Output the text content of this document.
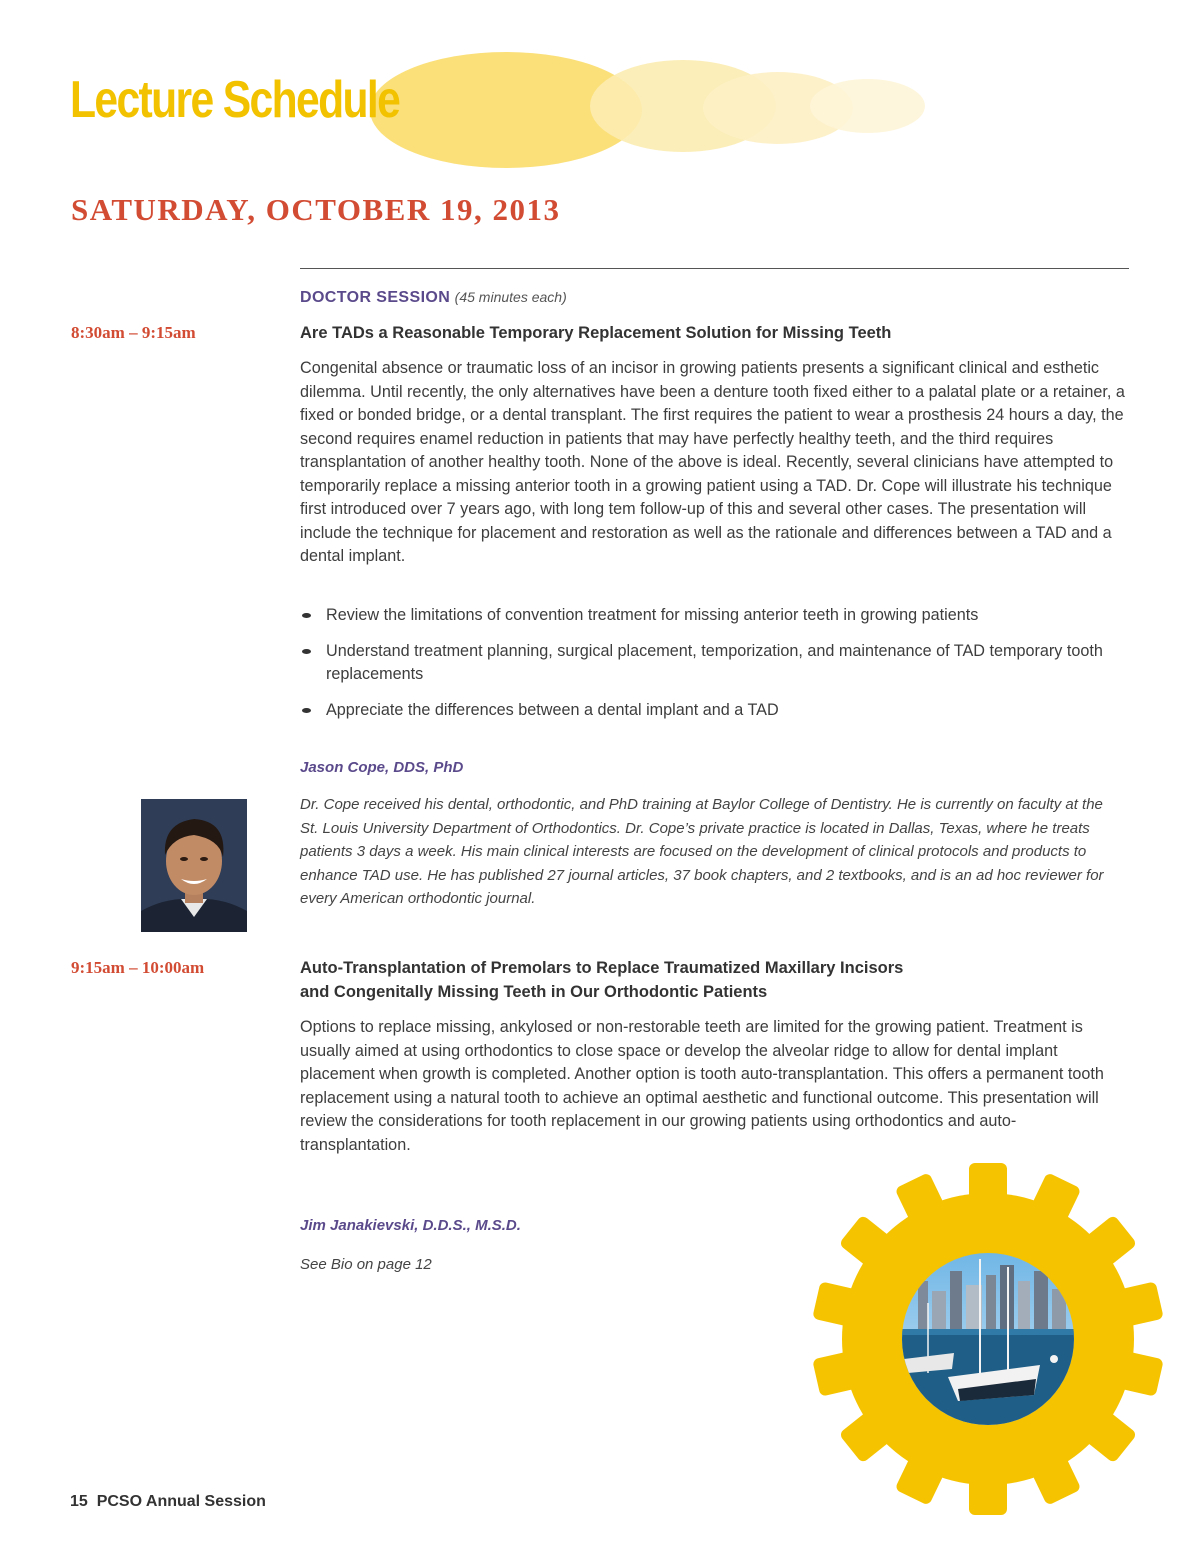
Lecture Schedule
SATURDAY, OCTOBER 19, 2013
DOCTOR SESSION (45 minutes each)
8:30am – 9:15am	Are TADs a Reasonable Temporary Replacement Solution for Missing Teeth

Congenital absence or traumatic loss of an incisor in growing patients presents a significant clinical and esthetic dilemma. Until recently, the only alternatives have been a denture tooth fixed either to a palatal plate or a retainer, a fixed or bonded bridge, or a dental transplant. The first requires the patient to wear a prosthesis 24 hours a day, the second requires enamel reduction in patients that may have perfectly healthy teeth, and the third requires transplantation of another healthy tooth. None of the above is ideal. Recently, several clinicians have attempted to temporarily replace a missing anterior tooth in a growing patient using a TAD. Dr. Cope will illustrate his technique first introduced over 7 years ago, with long tem follow-up of this and several other cases. The presentation will include the technique for placement and restoration as well as the rationale and differences between a TAD and a dental implant.

Review the limitations of convention treatment for missing anterior teeth in growing patients
Understand treatment planning, surgical placement, temporization, and maintenance of TAD temporary tooth replacements
Appreciate the differences between a dental implant and a TAD
Jason Cope, DDS, PhD

Dr. Cope received his dental, orthodontic, and PhD training at Baylor College of Dentistry. He is currently on faculty at the St. Louis University Department of Orthodontics. Dr. Cope’s private practice is located in Dallas, Texas, where he treats patients 3 days a week. His main clinical interests are focused on the development of clinical protocols and products to enhance TAD use. He has published 27 journal articles, 37 book chapters, and 2 textbooks, and is an ad hoc reviewer for every American orthodontic journal.

9:15am – 10:00am	Auto-Transplantation of Premolars to Replace Traumatized Maxillary Incisors
and Congenitally Missing Teeth in Our Orthodontic Patients

Options to replace missing, ankylosed or non-restorable teeth are limited for the growing patient. Treatment is usually aimed at using orthodontics to close space or develop the alveolar ridge to allow for dental implant placement when growth is completed. Another option is tooth auto-transplantation. This offers a permanent tooth replacement using a natural tooth to achieve an optimal aesthetic and functional outcome. This presentation will review the considerations for tooth replacement in our growing patients using orthodontics and auto-transplantation.

Jim Janakievski, D.D.S., M.S.D.
See Bio on page 12
15 PCSO Annual Session
